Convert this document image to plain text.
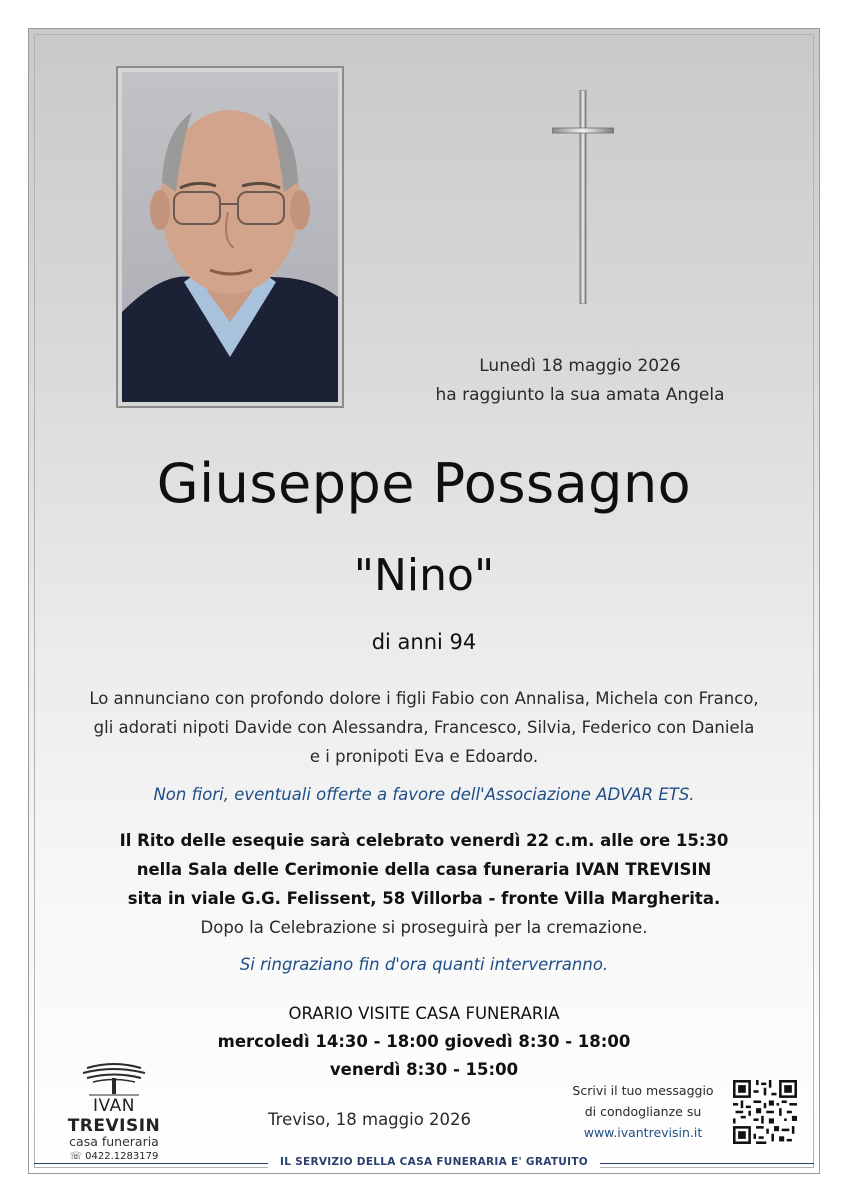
Lunedì 18 maggio 2026
ha raggiunto la sua amata Angela
Giuseppe Possagno
"Nino"
di anni 94
Lo annunciano con profondo dolore i figli Fabio con Annalisa, Michela con Franco,
gli adorati nipoti Davide con Alessandra, Francesco, Silvia, Federico con Daniela
e i pronipoti Eva e Edoardo.
Non fiori, eventuali offerte a favore dell'Associazione ADVAR ETS.
Il Rito delle esequie sarà celebrato venerdì 22 c.m. alle ore 15:30
nella Sala delle Cerimonie della casa funeraria IVAN TREVISIN
sita in viale G.G. Felissent, 58 Villorba - fronte Villa Margherita.
Dopo la Celebrazione si proseguirà per la cremazione.
Si ringraziano fin d'ora quanti interverranno.
ORARIO VISITE CASA FUNERARIA
mercoledì 14:30 - 18:00 giovedì 8:30 - 18:00
venerdì 8:30 - 15:00
IVAN TREVISIN
casa funeraria
☏ 0422.1283179
Treviso, 18 maggio 2026
Scrivi il tuo messaggio
di condoglianze su
www.ivantrevisin.it
IL SERVIZIO DELLA CASA FUNERARIA E' GRATUITO
